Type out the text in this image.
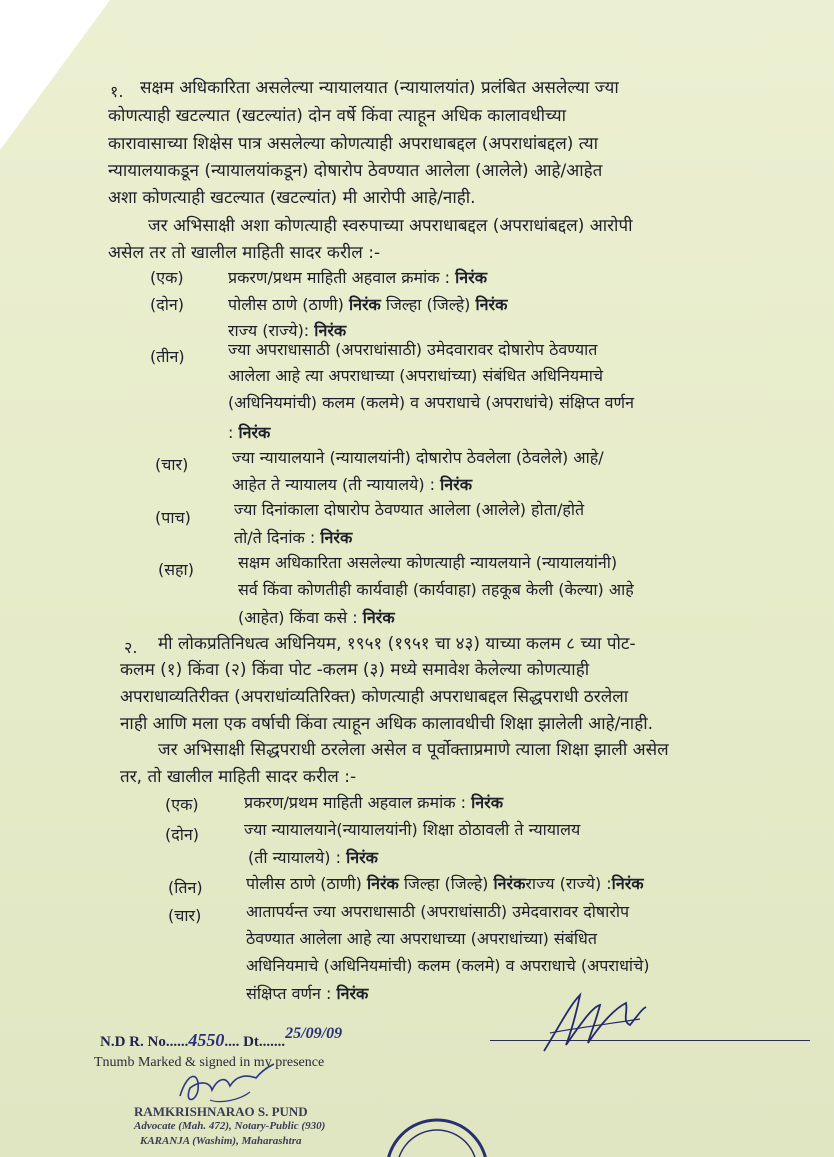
१. सक्षम अधिकारिता असलेल्या न्यायालयात (न्यायालयांत) प्रलंबित असलेल्या ज्या
कोणत्याही खटल्यात (खटल्यांत) दोन वर्षे किंवा त्याहून अधिक कालावधीच्या
कारावासाच्या शिक्षेस पात्र असलेल्या कोणत्याही अपराधाबद्दल (अपराधांबद्दल) त्या
न्यायालयाकडून (न्यायालयांकडून) दोषारोप ठेवण्यात आलेला (आलेले) आहे/आहेत
अशा कोणत्याही खटल्यात (खटल्यांत) मी आरोपी आहे/नाही.
जर अभिसाक्षी अशा कोणत्याही स्वरुपाच्या अपराधाबद्दल (अपराधांबद्दल) आरोपी
असेल तर तो खालील माहिती सादर करील :-
(एक)	प्रकरण/प्रथम माहिती अहवाल क्रमांक : निरंक
(दोन)	पोलीस ठाणे (ठाणी) निरंक जिल्हा (जिल्हे) निरंक
राज्य (राज्ये): निरंक
(तीन)	ज्या अपराधासाठी (अपराधांसाठी) उमेदवारावर दोषारोप ठेवण्यात
आलेला आहे त्या अपराधाच्या (अपराधांच्या) संबंधित अधिनियमाचे
(अधिनियमांची) कलम (कलमे) व अपराधाचे (अपराधांचे) संक्षिप्त वर्णन
: निरंक
(चार)	ज्या न्यायालयाने (न्यायालयांनी) दोषारोप ठेवलेला (ठेवलेले) आहे/
आहेत ते न्यायालय (ती न्यायालये) : निरंक
(पाच)	ज्या दिनांकाला दोषारोप ठेवण्यात आलेला (आलेले) होता/होते
तो/ते दिनांक : निरंक
(सहा)	सक्षम अधिकारिता असलेल्या कोणत्याही न्यायलयाने (न्यायालयांनी)
सर्व किंवा कोणतीही कार्यवाही (कार्यवाहा) तहकूब केली (केल्या) आहे
(आहेत) किंवा कसे : निरंक
२. मी लोकप्रतिनिधत्व अधिनियम, १९५१ (१९५१ चा ४३) याच्या कलम ८ च्या पोट-
कलम (१) किंवा (२) किंवा पोट -कलम (३) मध्ये समावेश केलेल्या कोणत्याही
अपराधाव्यतिरीक्त (अपराधांव्यतिरिक्त) कोणत्याही अपराधाबद्दल सिद्धपराधी ठरलेला
नाही आणि मला एक वर्षाची किंवा त्याहून अधिक कालावधीची शिक्षा झालेली आहे/नाही.
जर अभिसाक्षी सिद्धपराधी ठरलेला असेल व पूर्वोक्ताप्रमाणे त्याला शिक्षा झाली असेल
तर, तो खालील माहिती सादर करील :-
(एक)	प्रकरण/प्रथम माहिती अहवाल क्रमांक : निरंक
(दोन)	ज्या न्यायालयाने(न्यायालयांनी) शिक्षा ठोठावली ते न्यायालय
(ती न्यायालये) : निरंक
(तिन)	पोलीस ठाणे (ठाणी) निरंक जिल्हा (जिल्हे) निरंकराज्य (राज्ये) :निरंक
(चार)	आतापर्यन्त ज्या अपराधासाठी (अपराधांसाठी) उमेदवारावर दोषारोप
ठेवण्यात आलेला आहे त्या अपराधाच्या (अपराधांच्या) संबंधित
अधिनियमाचे (अधिनियमांची) कलम (कलमे) व अपराधाचे (अपराधांचे)
संक्षिप्त वर्णन : निरंक
N.D R. No......4550.... Dt.......25/09/09
Tnumb Marked & signed in my presence
RAMKRISHNARAO S. PUND
Advocate (Mah. 472), Notary-Public (930)
KARANJA (Washim), Maharashtra
